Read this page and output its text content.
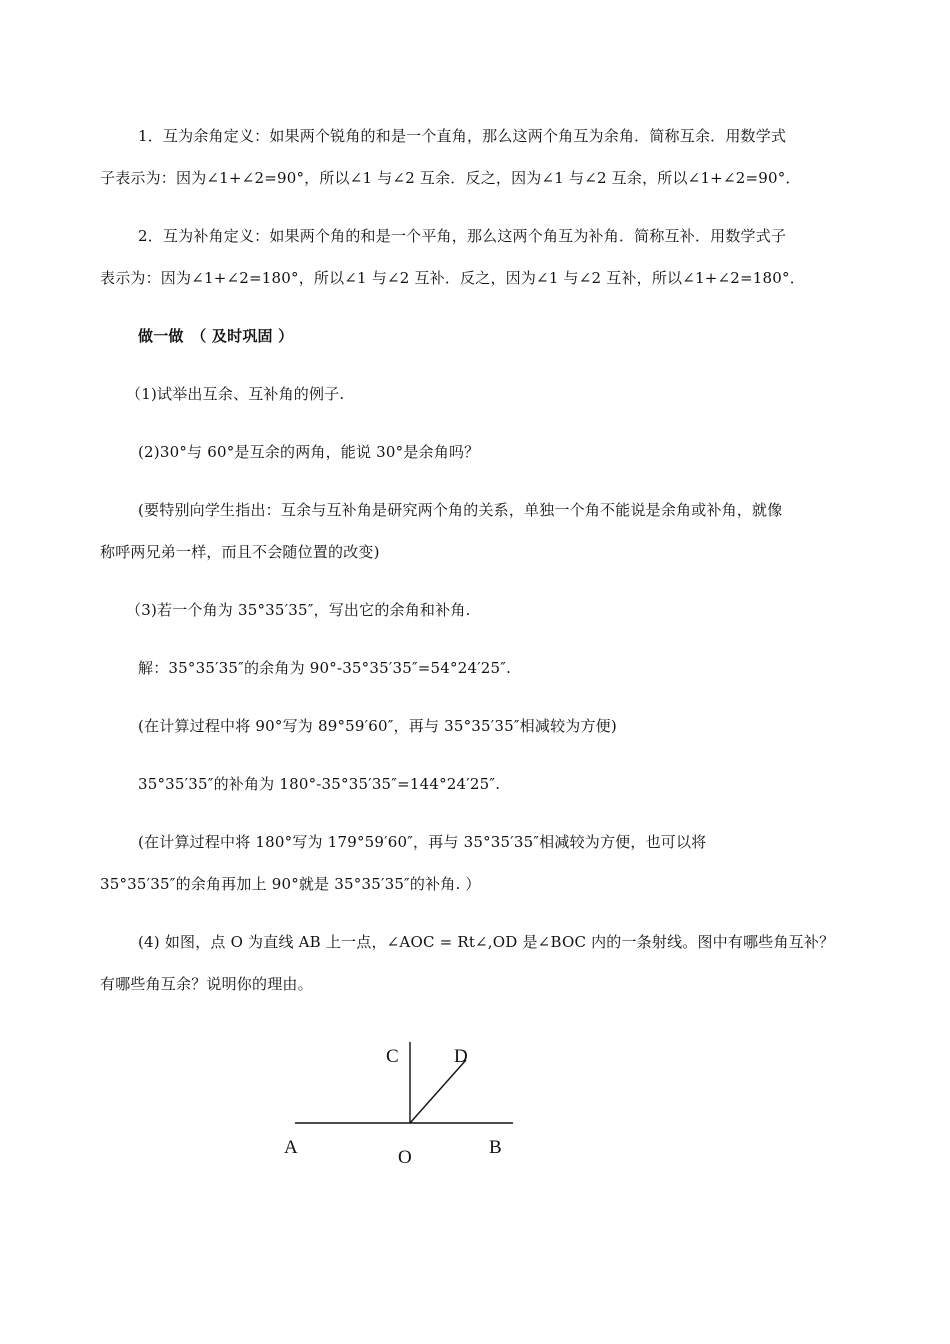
1．互为余角定义：如果两个锐角的和是一个直角，那么这两个角互为余角．简称互余．用数学式
子表示为：因为∠1+∠2=90°，所以∠1 与∠2 互余．反之，因为∠1 与∠2 互余，所以∠1+∠2=90°．
2．互为补角定义：如果两个角的和是一个平角，那么这两个角互为补角．简称互补．用数学式子
表示为：因为∠1+∠2=180°，所以∠1 与∠2 互补．反之，因为∠1 与∠2 互补，所以∠1+∠2=180°．
做一做　（ 及时巩固 ）
（1)试举出互余、互补角的例子.
(2)30°与 60°是互余的两角，能说 30°是余角吗？
(要特别向学生指出：互余与互补角是研究两个角的关系，单独一个角不能说是余角或补角，就像
称呼两兄弟一样，而且不会随位置的改变)
（3)若一个角为 35°35′35″，写出它的余角和补角.
解：35°35′35″的余角为 90°-35°35′35″=54°24′25″.
(在计算过程中将 90°写为 89°59′60″，再与 35°35′35″相减较为方便)
35°35′35″的补角为 180°-35°35′35″=144°24′25″.
(在计算过程中将 180°写为 179°59′60″，再与 35°35′35″相减较为方便，也可以将
35°35′35″的余角再加上 90°就是 35°35′35″的补角. ）
(4) 如图，点 O 为直线 AB 上一点，∠AOC = Rt∠,OD 是∠BOC 内的一条射线。图中有哪些角互补？
有哪些角互余？说明你的理由。
C	D
A	B
O
